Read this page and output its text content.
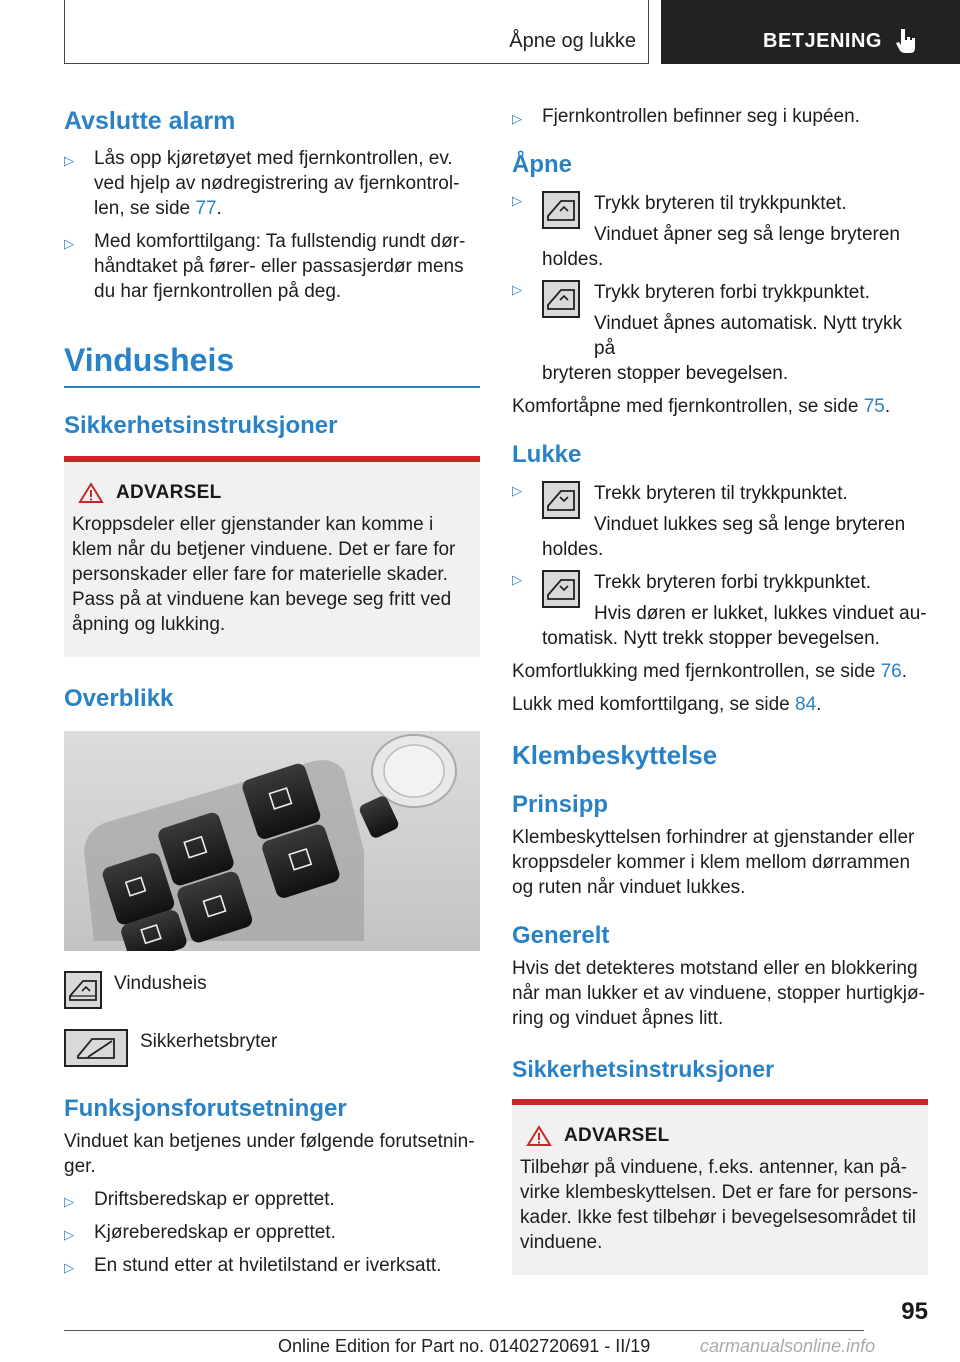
Åpne og lukke	BETJENING
Avslutte alarm
▷ Lås opp kjøretøyet med fjernkontrollen, ev. ved hjelp av nødregistrering av fjernkontrol- len, se side 77.
▷ Med komforttilgang: Ta fullstendig rundt dør- håndtaket på fører- eller passasjerdør mens du har fjernkontrollen på deg.
Vindusheis
Sikkerhetsinstruksjoner
ADVARSEL
Kroppsdeler eller gjenstander kan komme i klem når du betjener vinduene. Det er fare for personskader eller fare for materielle skader. Pass på at vinduene kan bevege seg fritt ved åpning og lukking.
Overblikk
Vindusheis
Sikkerhetsbryter
Funksjonsforutsetninger
Vinduet kan betjenes under følgende forutsetnin- ger.
▷ Driftsberedskap er opprettet.
▷ Kjøreberedskap er opprettet.
▷ En stund etter at hviletilstand er iverksatt.
▷ Fjernkontrollen befinner seg i kupéen.
Åpne
▷	Trykk bryteren til trykkpunktet.
Vinduet åpner seg så lenge bryteren
holdes.
▷	Trykk bryteren forbi trykkpunktet.
Vinduet åpnes automatisk. Nytt trykk på
bryteren stopper bevegelsen.
Komfortåpne med fjernkontrollen, se side 75.
Lukke
▷	Trekk bryteren til trykkpunktet.
Vinduet lukkes seg så lenge bryteren
holdes.
▷	Trekk bryteren forbi trykkpunktet.
Hvis døren er lukket, lukkes vinduet au-
tomatisk. Nytt trekk stopper bevegelsen.
Komfortlukking med fjernkontrollen, se side 76.
Lukk med komforttilgang, se side 84.
Klembeskyttelse
Prinsipp
Klembeskyttelsen forhindrer at gjenstander eller kroppsdeler kommer i klem mellom dørrammen og ruten når vinduet lukkes.
Generelt
Hvis det detekteres motstand eller en blokkering når man lukker et av vinduene, stopper hurtigkjø- ring og vinduet åpnes litt.
Sikkerhetsinstruksjoner
ADVARSEL
Tilbehør på vinduene, f.eks. antenner, kan på- virke klembeskyttelsen. Det er fare for persons- kader. Ikke fest tilbehør i bevegelsesområdet til vinduene.
95
Online Edition for Part no. 01402720691 - II/19	carmanualsonline.info
